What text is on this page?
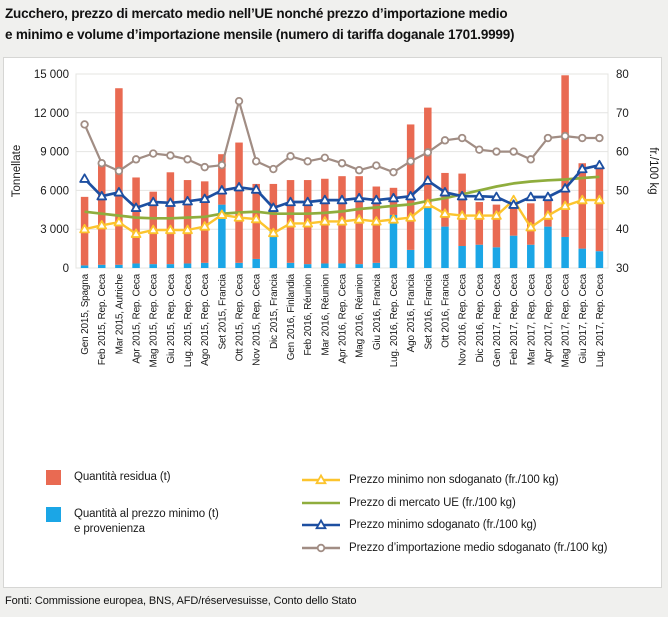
Zucchero, prezzo di mercato medio nell’UE nonché prezzo d’importazione medio
e minimo e volume d’importazione mensile (numero di tariffa doganale 1701.9999)
0	30
3 000	40
6 000	50
9 000	60
12 000	70
15 000	80
Tonnellate	fr./100 kg
Gen 2015, Spagna Feb 2015, Rep. Ceca Mar 2015, Autriche Apr 2015, Rep. Ceca Mag 2015, Rep. Ceca Giu 2015, Rep. Ceca Lug. 2015, Rep. Ceca Ago 2015, Rep. Ceca Set 2015, Francia Ott 2015, Rep. Ceca Nov 2015, Rep. Ceca Dic 2015, Francia Gen 2016, Finlandia Feb 2016, Réunion Mar 2016, Réunion Apr 2016, Rep. Ceca Mag 2016, Réunion Giu 2016, Francia Lug. 2016, Rep. Ceca Ago 2016, Francia Set 2016, Francia Ott 2016, Francia Nov 2016, Rep. Ceca Dic 2016, Rep. Ceca Gen 2017, Rep. Ceca Feb 2017, Rep. Ceca Mar 2017, Rep. Ceca Apr 2017, Rep. Ceca Mag 2017, Rep. Ceca Giu 2017, Rep. Ceca Lug. 2017, Rep. Ceca
Quantità residua (t)
Quantità al prezzo minimo (t)
e provenienza
Prezzo minimo non sdoganato (fr./100 kg)
Prezzo di mercato UE (fr./100 kg)
Prezzo minimo sdoganato (fr./100 kg)
Prezzo d’importazione medio sdoganato (fr./100 kg)
Fonti: Commissione europea, BNS, AFD/réservesuisse, Conto dello Stato
